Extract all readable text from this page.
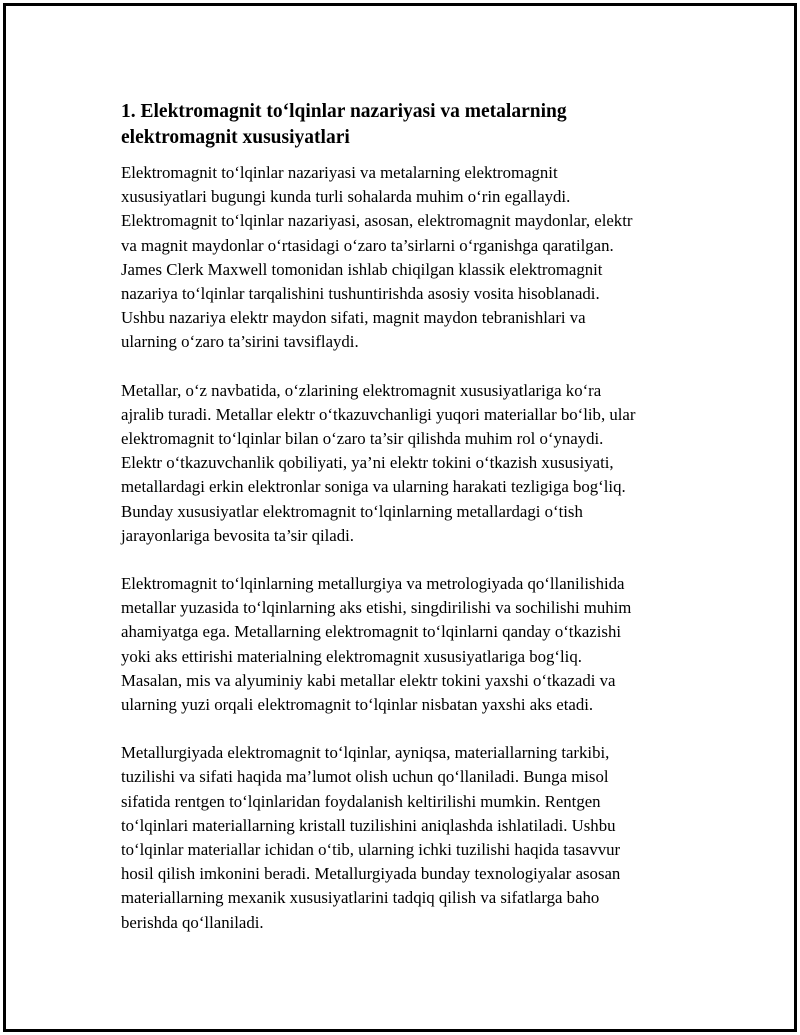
1. Elektromagnit to‘lqinlar nazariyasi va metalarning
elektromagnit xususiyatlari

Elektromagnit to‘lqinlar nazariyasi va metalarning elektromagnit
xususiyatlari bugungi kunda turli sohalarda muhim o‘rin egallaydi.
Elektromagnit to‘lqinlar nazariyasi, asosan, elektromagnit maydonlar, elektr
va magnit maydonlar o‘rtasidagi o‘zaro ta’sirlarni o‘rganishga qaratilgan.
James Clerk Maxwell tomonidan ishlab chiqilgan klassik elektromagnit
nazariya to‘lqinlar tarqalishini tushuntirishda asosiy vosita hisoblanadi.
Ushbu nazariya elektr maydon sifati, magnit maydon tebranishlari va
ularning o‘zaro ta’sirini tavsiflaydi.

Metallar, o‘z navbatida, o‘zlarining elektromagnit xususiyatlariga ko‘ra
ajralib turadi. Metallar elektr o‘tkazuvchanligi yuqori materiallar bo‘lib, ular
elektromagnit to‘lqinlar bilan o‘zaro ta’sir qilishda muhim rol o‘ynaydi.
Elektr o‘tkazuvchanlik qobiliyati, ya’ni elektr tokini o‘tkazish xususiyati,
metallardagi erkin elektronlar soniga va ularning harakati tezligiga bog‘liq.
Bunday xususiyatlar elektromagnit to‘lqinlarning metallardagi o‘tish
jarayonlariga bevosita ta’sir qiladi.

Elektromagnit to‘lqinlarning metallurgiya va metrologiyada qo‘llanilishida
metallar yuzasida to‘lqinlarning aks etishi, singdirilishi va sochilishi muhim
ahamiyatga ega. Metallarning elektromagnit to‘lqinlarni qanday o‘tkazishi
yoki aks ettirishi materialning elektromagnit xususiyatlariga bog‘liq.
Masalan, mis va alyuminiy kabi metallar elektr tokini yaxshi o‘tkazadi va
ularning yuzi orqali elektromagnit to‘lqinlar nisbatan yaxshi aks etadi.

Metallurgiyada elektromagnit to‘lqinlar, ayniqsa, materiallarning tarkibi,
tuzilishi va sifati haqida ma’lumot olish uchun qo‘llaniladi. Bunga misol
sifatida rentgen to‘lqinlaridan foydalanish keltirilishi mumkin. Rentgen
to‘lqinlari materiallarning kristall tuzilishini aniqlashda ishlatiladi. Ushbu
to‘lqinlar materiallar ichidan o‘tib, ularning ichki tuzilishi haqida tasavvur
hosil qilish imkonini beradi. Metallurgiyada bunday texnologiyalar asosan
materiallarning mexanik xususiyatlarini tadqiq qilish va sifatlarga baho
berishda qo‘llaniladi.
